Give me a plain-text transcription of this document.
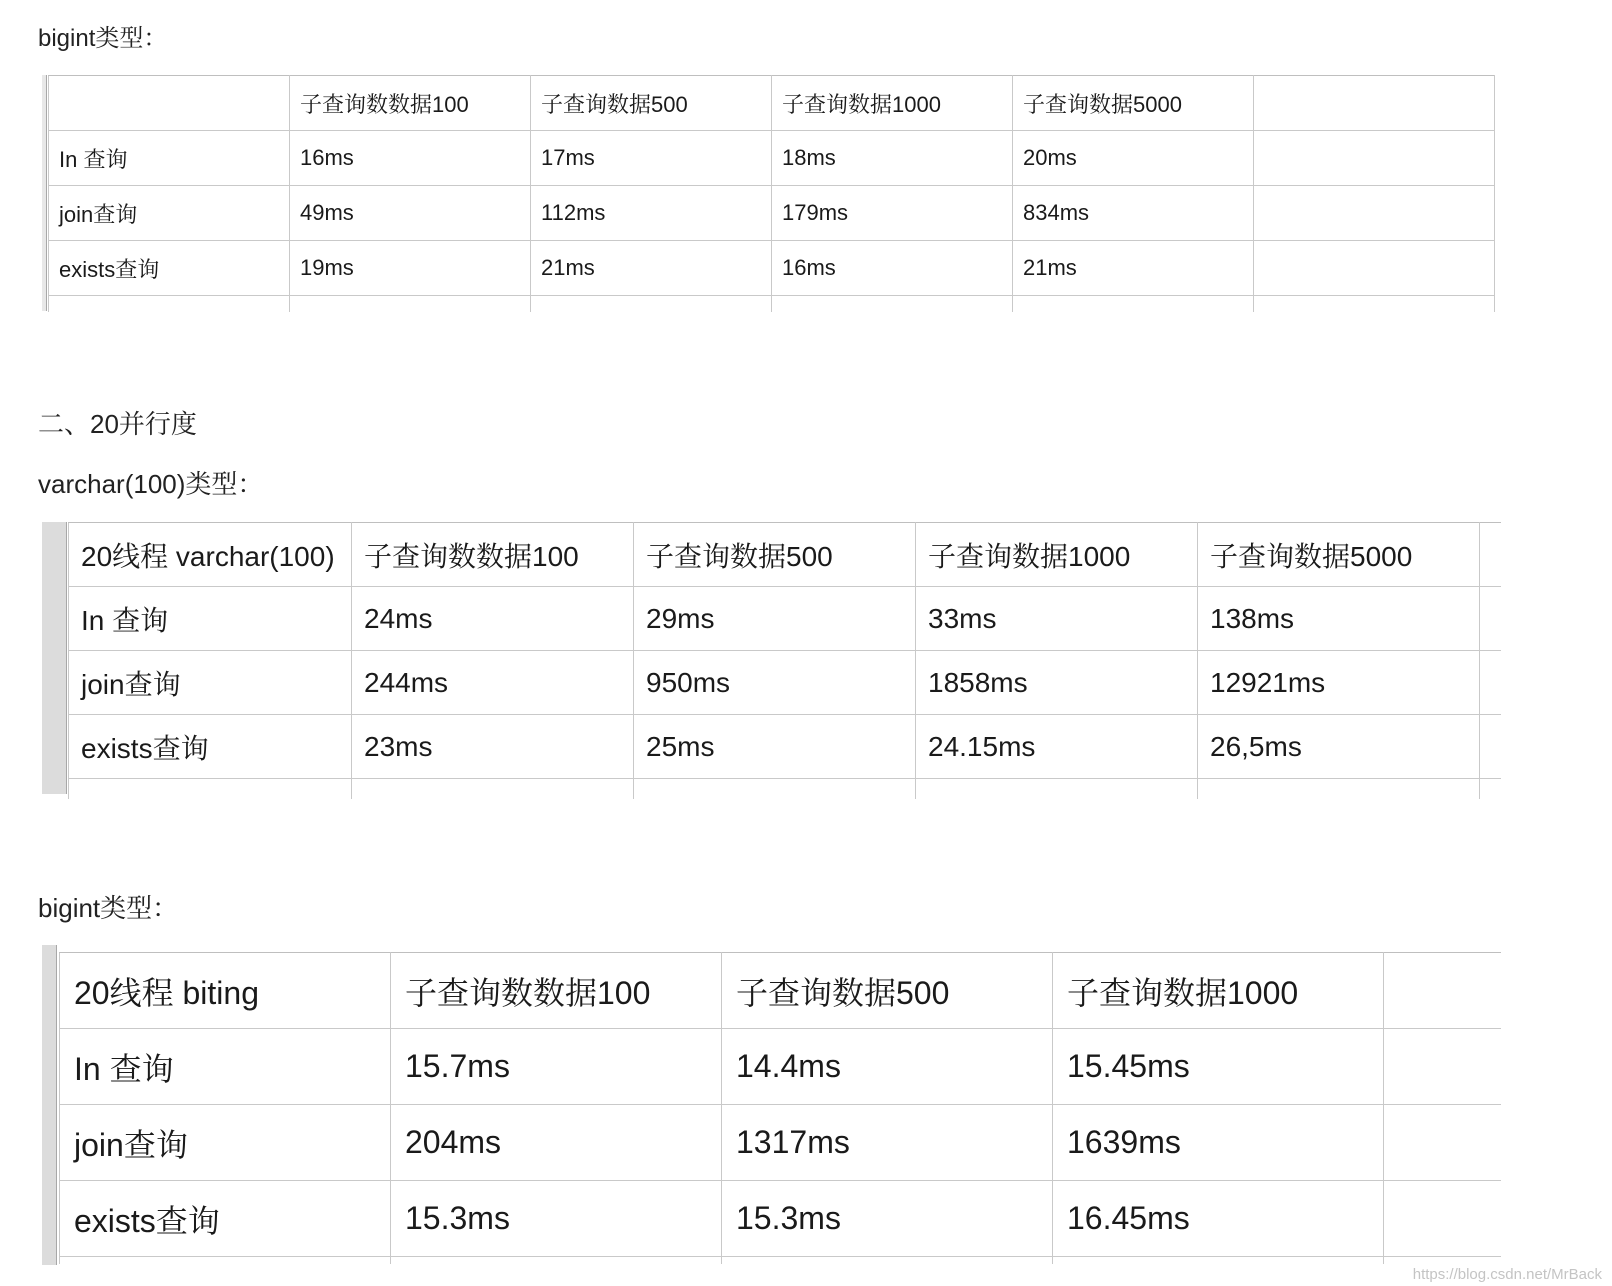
bigint类型：

	子查询数数据100	子查询数据500	子查询数据1000	子查询数据5000	
In 查询	16ms	17ms	18ms	20ms	
join查询	49ms	112ms	179ms	834ms	
exists查询	19ms	21ms	16ms	21ms	

二、20并行度

varchar(100)类型：

20线程 varchar(100)	子查询数数据100	子查询数据500	子查询数据1000	子查询数据5000	
In 查询	24ms	29ms	33ms	138ms	
join查询	244ms	950ms	1858ms	12921ms	
exists查询	23ms	25ms	24.15ms	26,5ms	

bigint类型：

20线程 biting	子查询数数据100	子查询数据500	子查询数据1000	
In 查询	15.7ms	14.4ms	15.45ms	
join查询	204ms	1317ms	1639ms	
exists查询	15.3ms	15.3ms	16.45ms	

https://blog.csdn.net/MrBack
